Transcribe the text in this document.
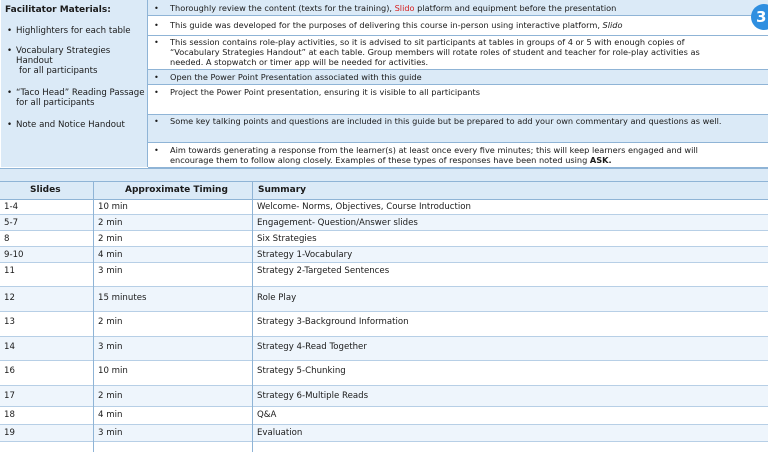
Facilitator Materials:
• Highlighters for each table
• Vocabulary Strategies
Handout
for all participants
• “Taco Head” Reading Passage
for all participants
• Note and Notice Handout
• Thoroughly review the content (texts for the training), Slido platform and equipment before the presentation
• This guide was developed for the purposes of delivering this course in-person using interactive platform, Slido
• This session contains role-play activities, so it is advised to sit participants at tables in groups of 4 or 5 with enough copies of
“Vocabulary Strategies Handout” at each table. Group members will rotate roles of student and teacher for role-play activities as
needed. A stopwatch or timer app will be needed for activities.
• Open the Power Point Presentation associated with this guide
• Project the Power Point presentation, ensuring it is visible to all participants
• Some key talking points and questions are included in this guide but be prepared to add your own commentary and questions as well.
• Aim towards generating a response from the learner(s) at least once every five minutes; this will keep learners engaged and will
encourage them to follow along closely. Examples of these types of responses have been noted using ASK.
3
Slides	Approximate Timing	Summary
1-4	10 min	Welcome- Norms, Objectives, Course Introduction
5-7	2 min	Engagement- Question/Answer slides
8	2 min	Six Strategies
9-10	4 min	Strategy 1-Vocabulary
11	3 min	Strategy 2-Targeted Sentences
12	15 minutes	Role Play
13	2 min	Strategy 3-Background Information
14	3 min	Strategy 4-Read Together
16	10 min	Strategy 5-Chunking
17	2 min	Strategy 6-Multiple Reads
18	4 min	Q&A
19	3 min	Evaluation
